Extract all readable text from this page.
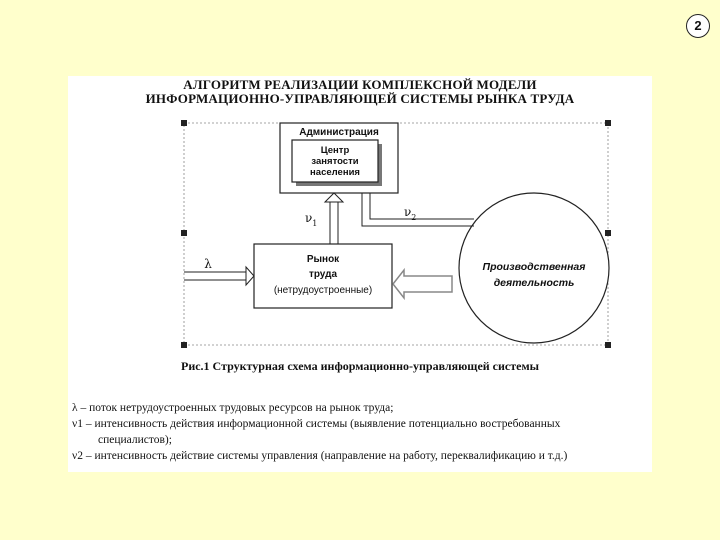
2
АЛГОРИТМ РЕАЛИЗАЦИИ КОМПЛЕКСНОЙ МОДЕЛИ
ИНФОРМАЦИОННО-УПРАВЛЯЮЩЕЙ СИСТЕМЫ РЫНКА ТРУДА
Администрация
Центр
занятости
населения
Рынок
труда
(нетрудоустроенные)
Производственная
деятельность
λ
$\nu_1$
$\nu_2$
Рис.1 Структурная схема информационно-управляющей системы
λ – поток нетрудоустроенных трудовых ресурсов на рынок труда;
ν1 – интенсивность действия информационной системы (выявление потенциально востребованных
специалистов);
ν2 – интенсивность действие системы управления (направление на работу, переквалификацию и т.д.)
